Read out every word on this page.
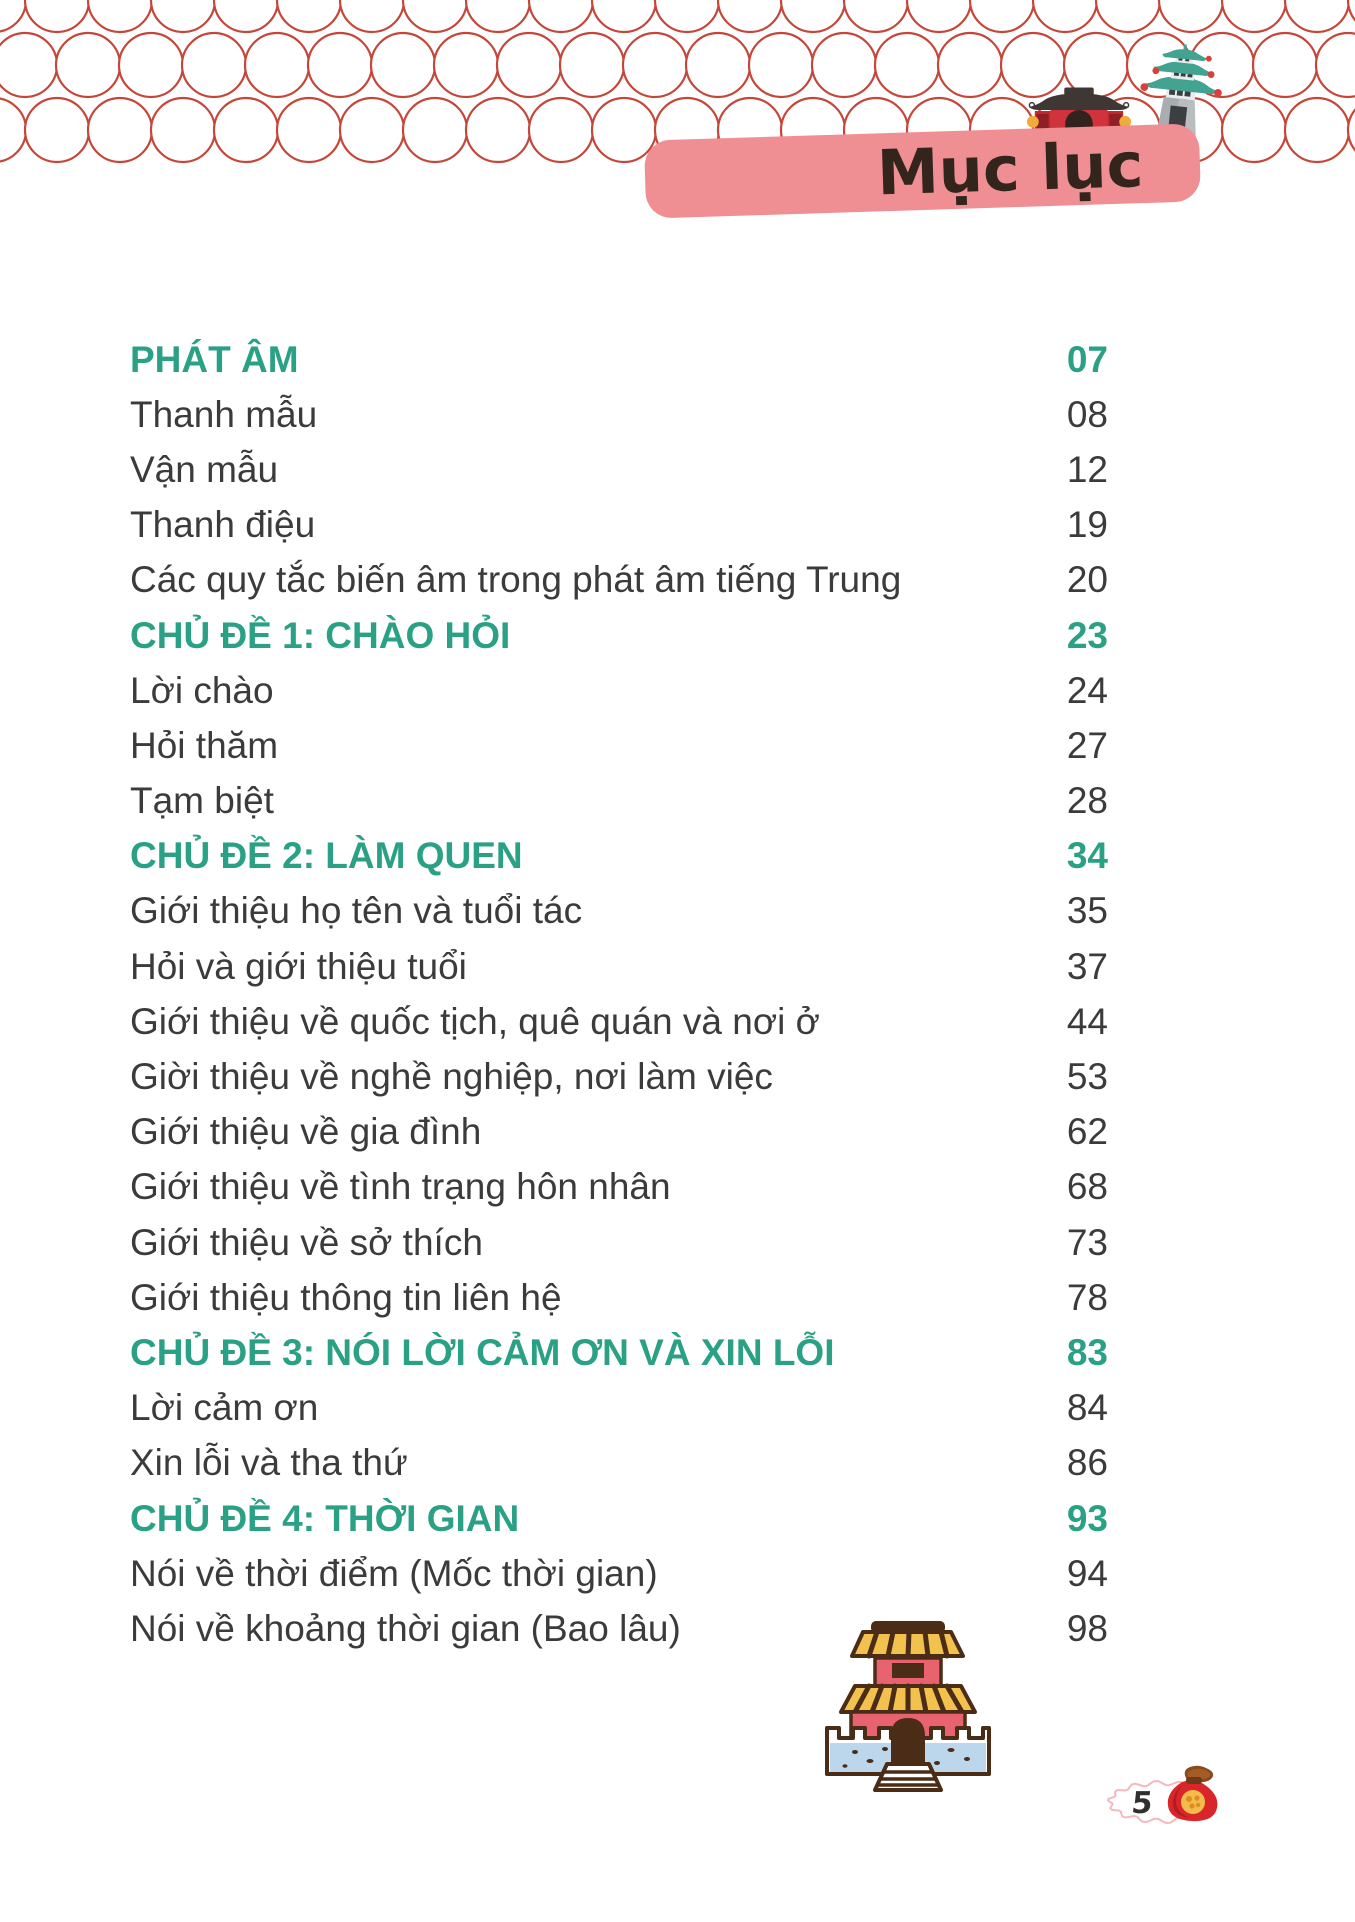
Mục lục
PHÁT ÂM	07
Thanh mẫu	08
Vận mẫu	12
Thanh điệu	19
Các quy tắc biến âm trong phát âm tiếng Trung	20
CHỦ ĐỀ 1: CHÀO HỎI	23
Lời chào	24
Hỏi thăm	27
Tạm biệt	28
CHỦ ĐỀ 2: LÀM QUEN	34
Giới thiệu họ tên và tuổi tác	35
Hỏi và giới thiệu tuổi	37
Giới thiệu về quốc tịch, quê quán và nơi ở	44
Giời thiệu về nghề nghiệp, nơi làm việc	53
Giới thiệu về gia đình	62
Giới thiệu về tình trạng hôn nhân	68
Giới thiệu về sở thích	73
Giới thiệu thông tin liên hệ	78
CHỦ ĐỀ 3: NÓI LỜI CẢM ƠN VÀ XIN LỖI	83
Lời cảm ơn	84
Xin lỗi và tha thứ	86
CHỦ ĐỀ 4: THỜI GIAN	93
Nói về thời điểm (Mốc thời gian)	94
Nói về khoảng thời gian (Bao lâu)	98
5
